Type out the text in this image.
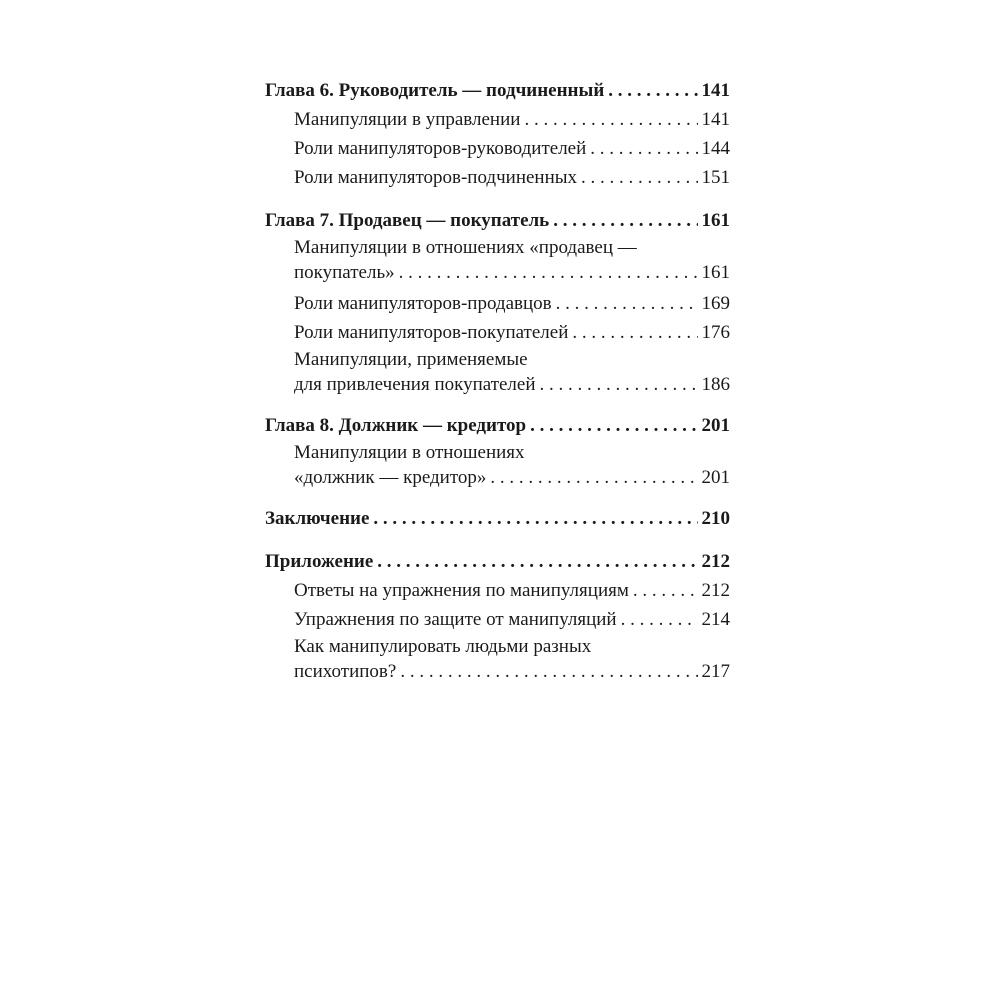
Глава 6. Руководитель — подчиненный . . .	141
Манипуляции в управлении . . .	141
Роли манипуляторов-руководителей . . .	144
Роли манипуляторов-подчиненных . . .	151
Глава 7. Продавец — покупатель . . .	161
Манипуляции в отношениях «продавец —
покупатель» . . .	161
Роли манипуляторов-продавцов . . .	169
Роли манипуляторов-покупателей . . .	176
Манипуляции, применяемые
для привлечения покупателей . . .	186
Глава 8. Должник — кредитор . . .	201
Манипуляции в отношениях
«должник — кредитор» . . .	201
Заключение . . .	210
Приложение . . .	212
Ответы на упражнения по манипуляциям . . .	212
Упражнения по защите от манипуляций . . .	214
Как манипулировать людьми разных
психотипов? . . .	217
